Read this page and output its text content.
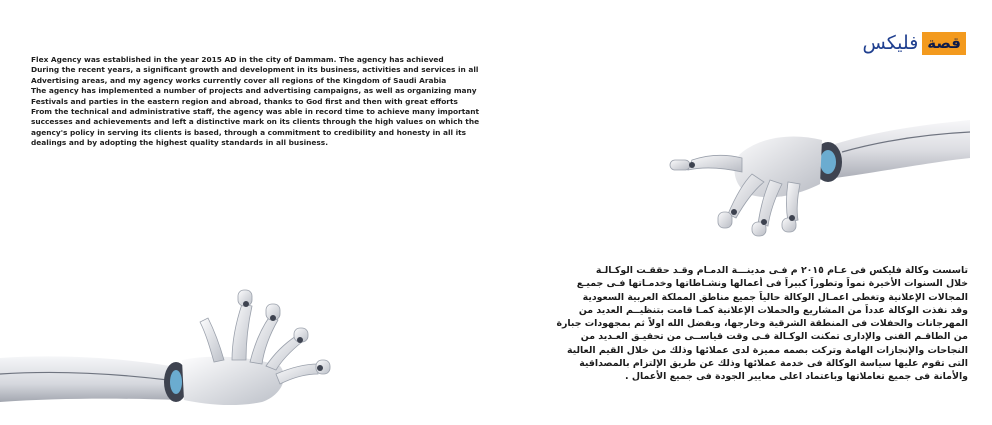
قصة
فليكس

Flex Agency was established in the year 2015 AD in the city of Dammam. The agency has achieved
During the recent years, a significant growth and development in its business, activities and services in all
Advertising areas, and my agency works currently cover all regions of the Kingdom of Saudi Arabia
The agency has implemented a number of projects and advertising campaigns, as well as organizing many
Festivals and parties in the eastern region and abroad, thanks to God first and then with great efforts
From the technical and administrative staff, the agency was able in record time to achieve many important
successes and achievements and left a distinctive mark on its clients through the high values on which the
agency's policy in serving its clients is based, through a commitment to credibility and honesty in all its
dealings and by adopting the highest quality standards in all business.

تاسست وكالة فليكس فى عـام ٢٠١٥ م فـى مدينـــة الدمـام وقـد حققـت الوكـالـة
خلال السنوات الأخيرة نمواً وتطوراً كبيراً فى أعمالها ونشـاطاتها وخدمـاتها فـى جميـع
المجالات الإعلانية وتغطى اعمـال الوكالة حالياً جميع مناطق المملكة العربية السعودية
وقد نفذت الوكالة عدداً من المشاريع والحملات الإعلانية كمـا قامت بتنظيــم العديد من
المهرجانات والحفلات فى المنطقة الشرقية وخارجها، وبفضل الله اولاً ثم بمجهودات جبارة
من الطاقـم الفنى والإدارى تمكنت الوكـالة فـى وقت قياســى من تحقيـق العـديد من
النجاحات والإنجازات الهامة وتركت بصمه مميزة لدى عملائها وذلك من خلال القيم العالية
التى تقوم عليها سياسة الوكالة فى خدمة عملائها وذلك عن طريق الإلتزام بالمصداقية
والأمانة فى جميع تعاملاتها وباعتماد اعلى معايير الجودة فى جميع الأعمال .
